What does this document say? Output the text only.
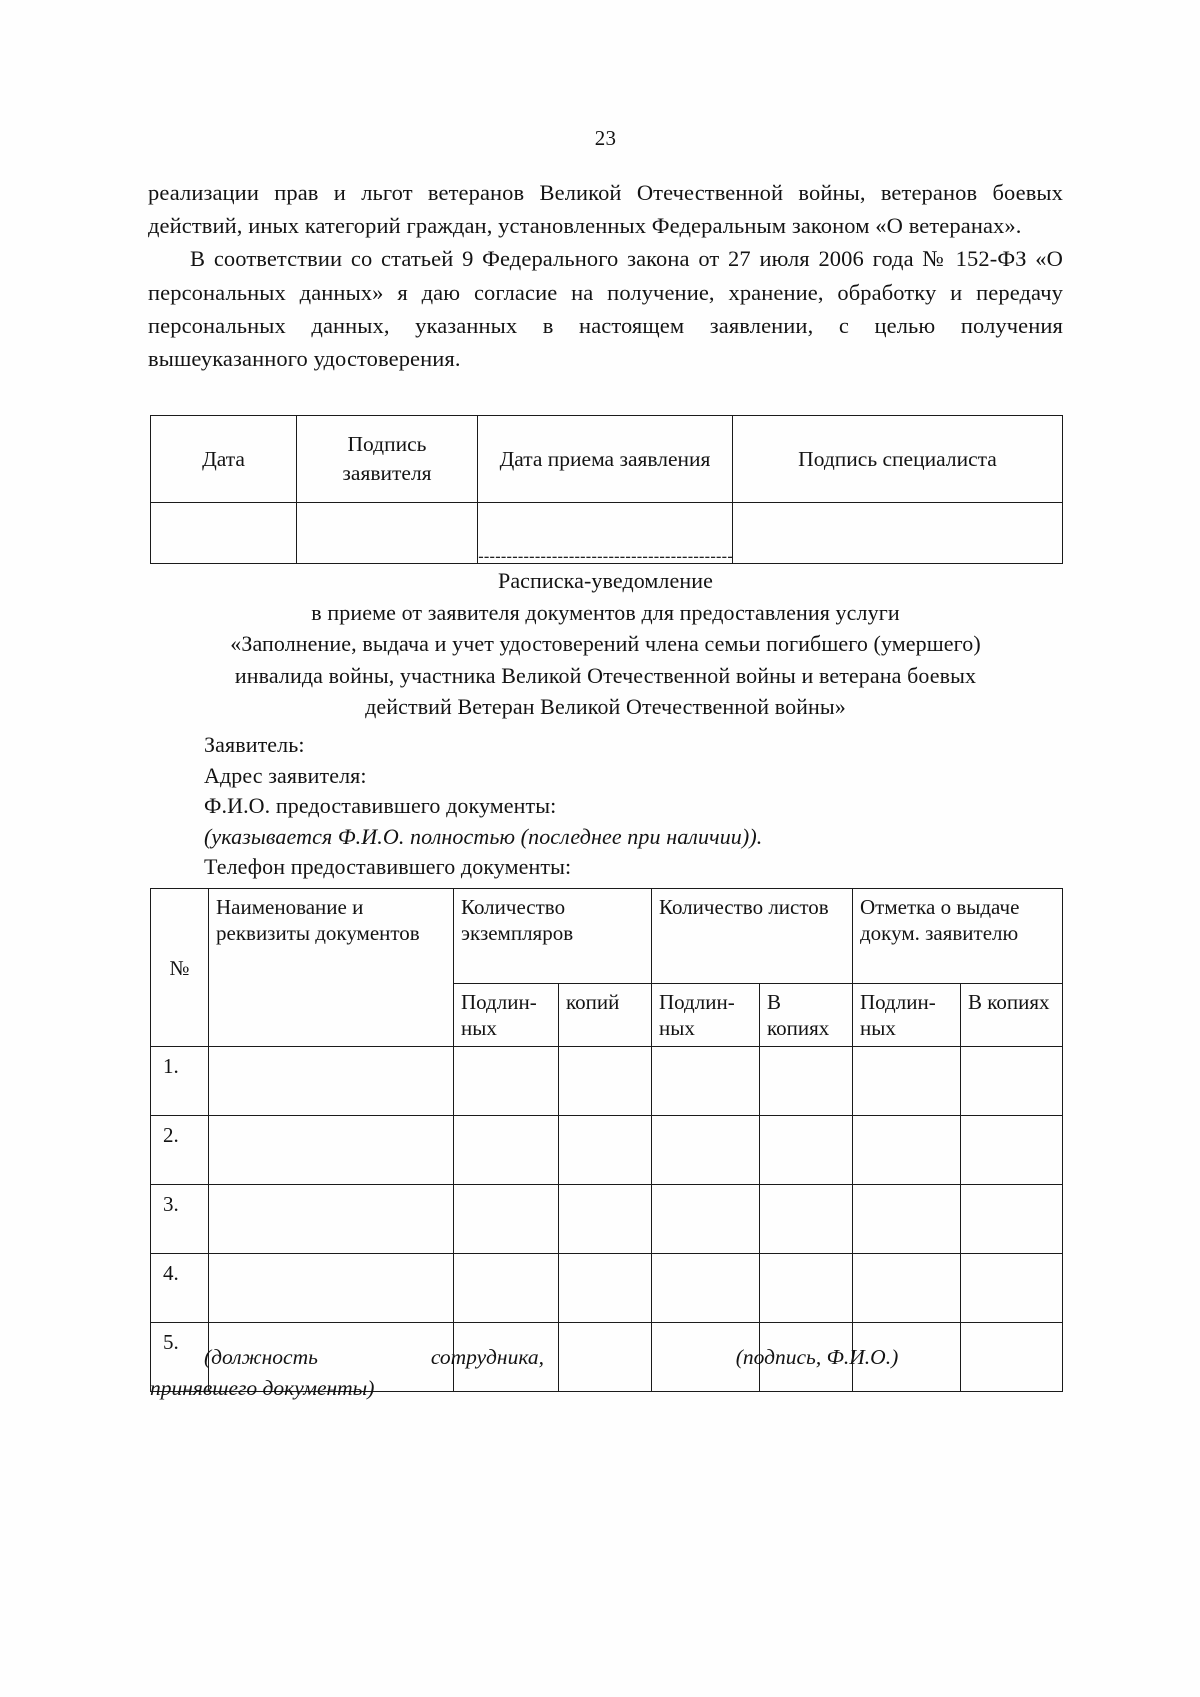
23

реализации прав и льгот ветеранов Великой Отечественной войны, ветеранов боевых действий, иных категорий граждан, установленных Федеральным законом «О ветеранах».

В соответствии со статьей 9 Федерального закона от 27 июля 2006 года № 152-ФЗ «О персональных данных» я даю согласие на получение, хранение, обработку и передачу персональных данных, указанных в настоящем заявлении, с целью получения вышеуказанного удостоверения.

Дата	Подпись заявителя	Дата приема заявления	Подпись специалиста

---------------------------------------------
Расписка-уведомление
в приеме от заявителя документов для предоставления услуги
«Заполнение, выдача и учет удостоверений члена семьи погибшего (умершего)
инвалида войны, участника Великой Отечественной войны и ветерана боевых
действий Ветеран Великой Отечественной войны»
Заявитель:
Адрес заявителя:
Ф.И.О. предоставившего документы:
(указывается Ф.И.О. полностью (последнее при наличии)).
Телефон предоставившего документы:
№	Наименование и реквизиты документов	Количество экземпляров		Количество листов		Отметка о выдаче докум. заявителю	
		Подлин-ных	копий	Подлин-ных	В копиях	Подлин-ных	В копиях
1.							
2.							
3.							
4.							
5.							
(должность	сотрудника,
принявшего документы)
(подпись, Ф.И.О.)
